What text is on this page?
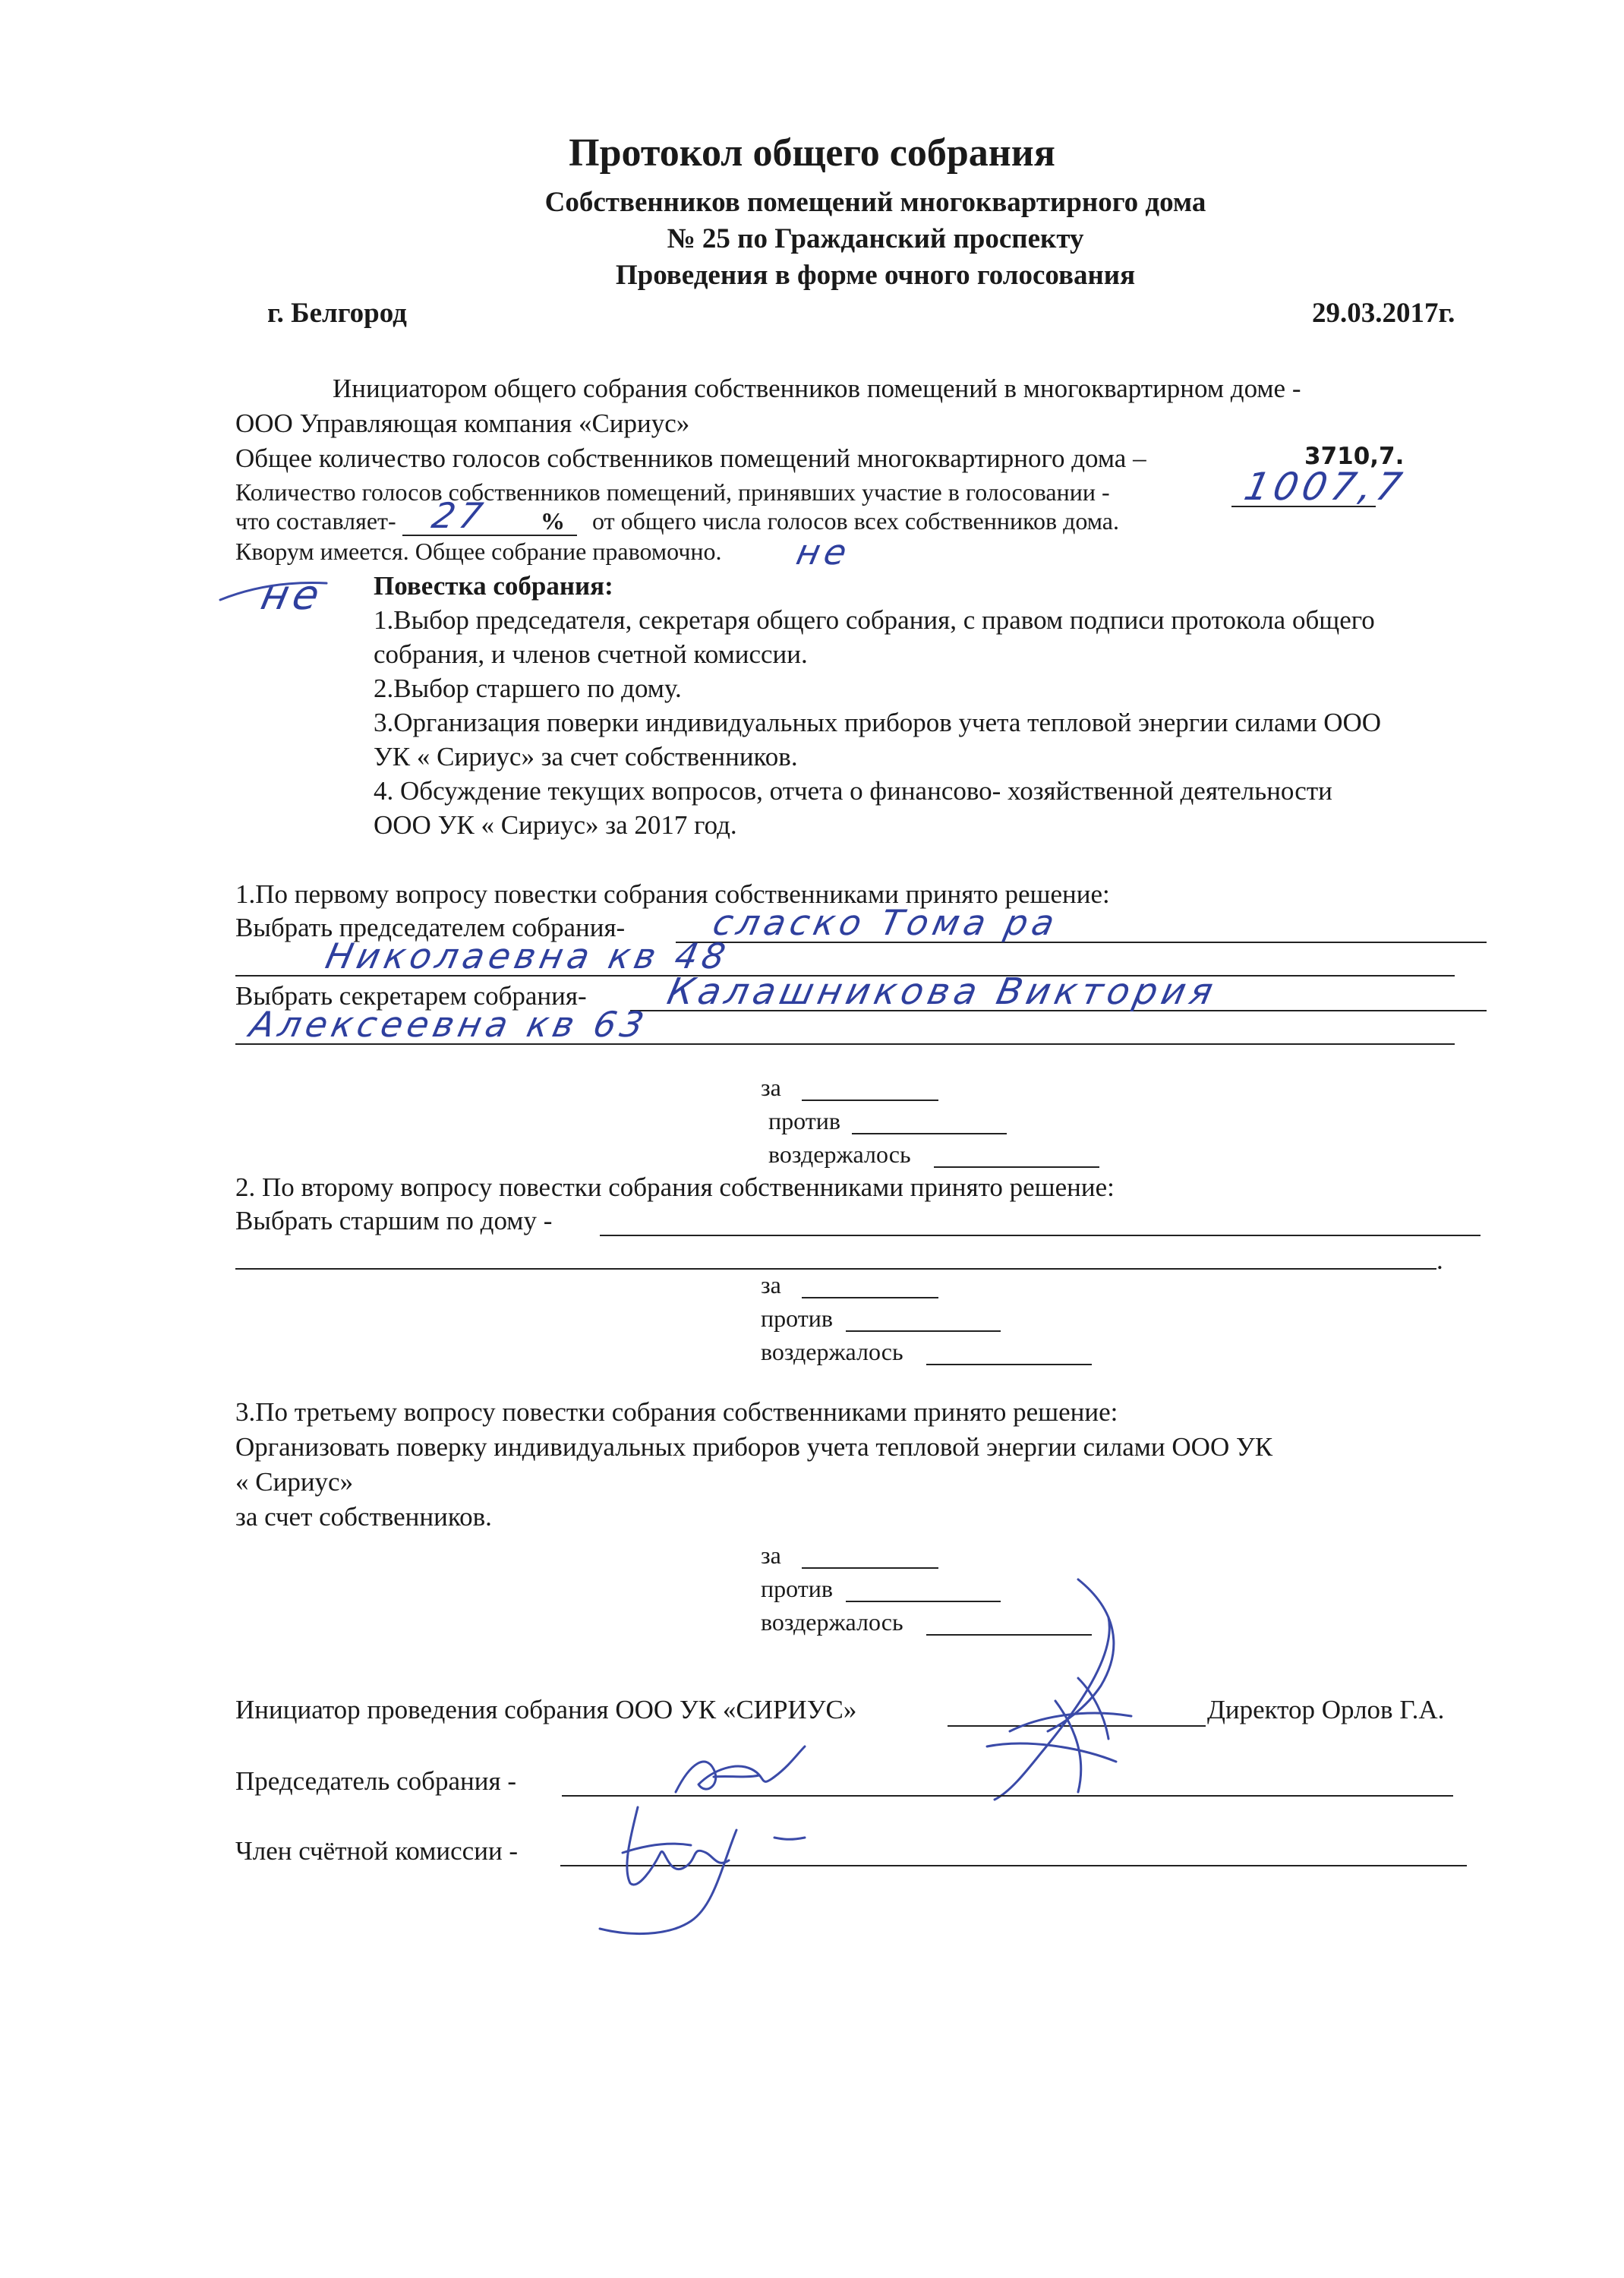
Протокол общего собрания
Собственников помещений многоквартирного дома
№ 25 по Гражданский проспекту
Проведения в форме очного голосования
г. Белгород	29.03.2017г.
Инициатором общего собрания собственников помещений в многоквартирном доме -
ООО Управляющая компания «Сириус»
Общее количество голосов собственников помещений многоквартирного дома –	3710,7.
Количество голосов собственников помещений, принявших участие в голосовании -	1007,7
что составляет- 27 % от общего числа голосов всех собственников дома.
Кворум имеется. Общее собрание правомочно. не
не Повестка собрания:
1.Выбор председателя, секретаря общего собрания, с правом подписи протокола общего
собрания, и членов счетной комиссии.
2.Выбор старшего по дому.
3.Организация поверки индивидуальных приборов учета тепловой энергии силами ООО
УК « Сириус» за счет собственников.
4. Обсуждение текущих вопросов, отчета о финансово- хозяйственной деятельности
ООО УК « Сириус» за 2017 год.
1.По первому вопросу повестки собрания собственниками принято решение:
Выбрать председателем собрания- сласко Тома ра
Николаевна кв 48
Выбрать секретарем собрания- Калашникова Виктория
Алексеевна кв 63
за
против
воздержалось
2. По второму вопросу повестки собрания собственниками принято решение:
Выбрать старшим по дому -
.
за
против
воздержалось
3.По третьему вопросу повестки собрания собственниками принято решение:
Организовать поверку индивидуальных приборов учета тепловой энергии силами ООО УК
« Сириус»
за счет собственников.
за
против
воздержалось
Инициатор проведения собрания ООО УК «СИРИУС»	Директор Орлов Г.А.
Председатель собрания -
Член счётной комиссии -
